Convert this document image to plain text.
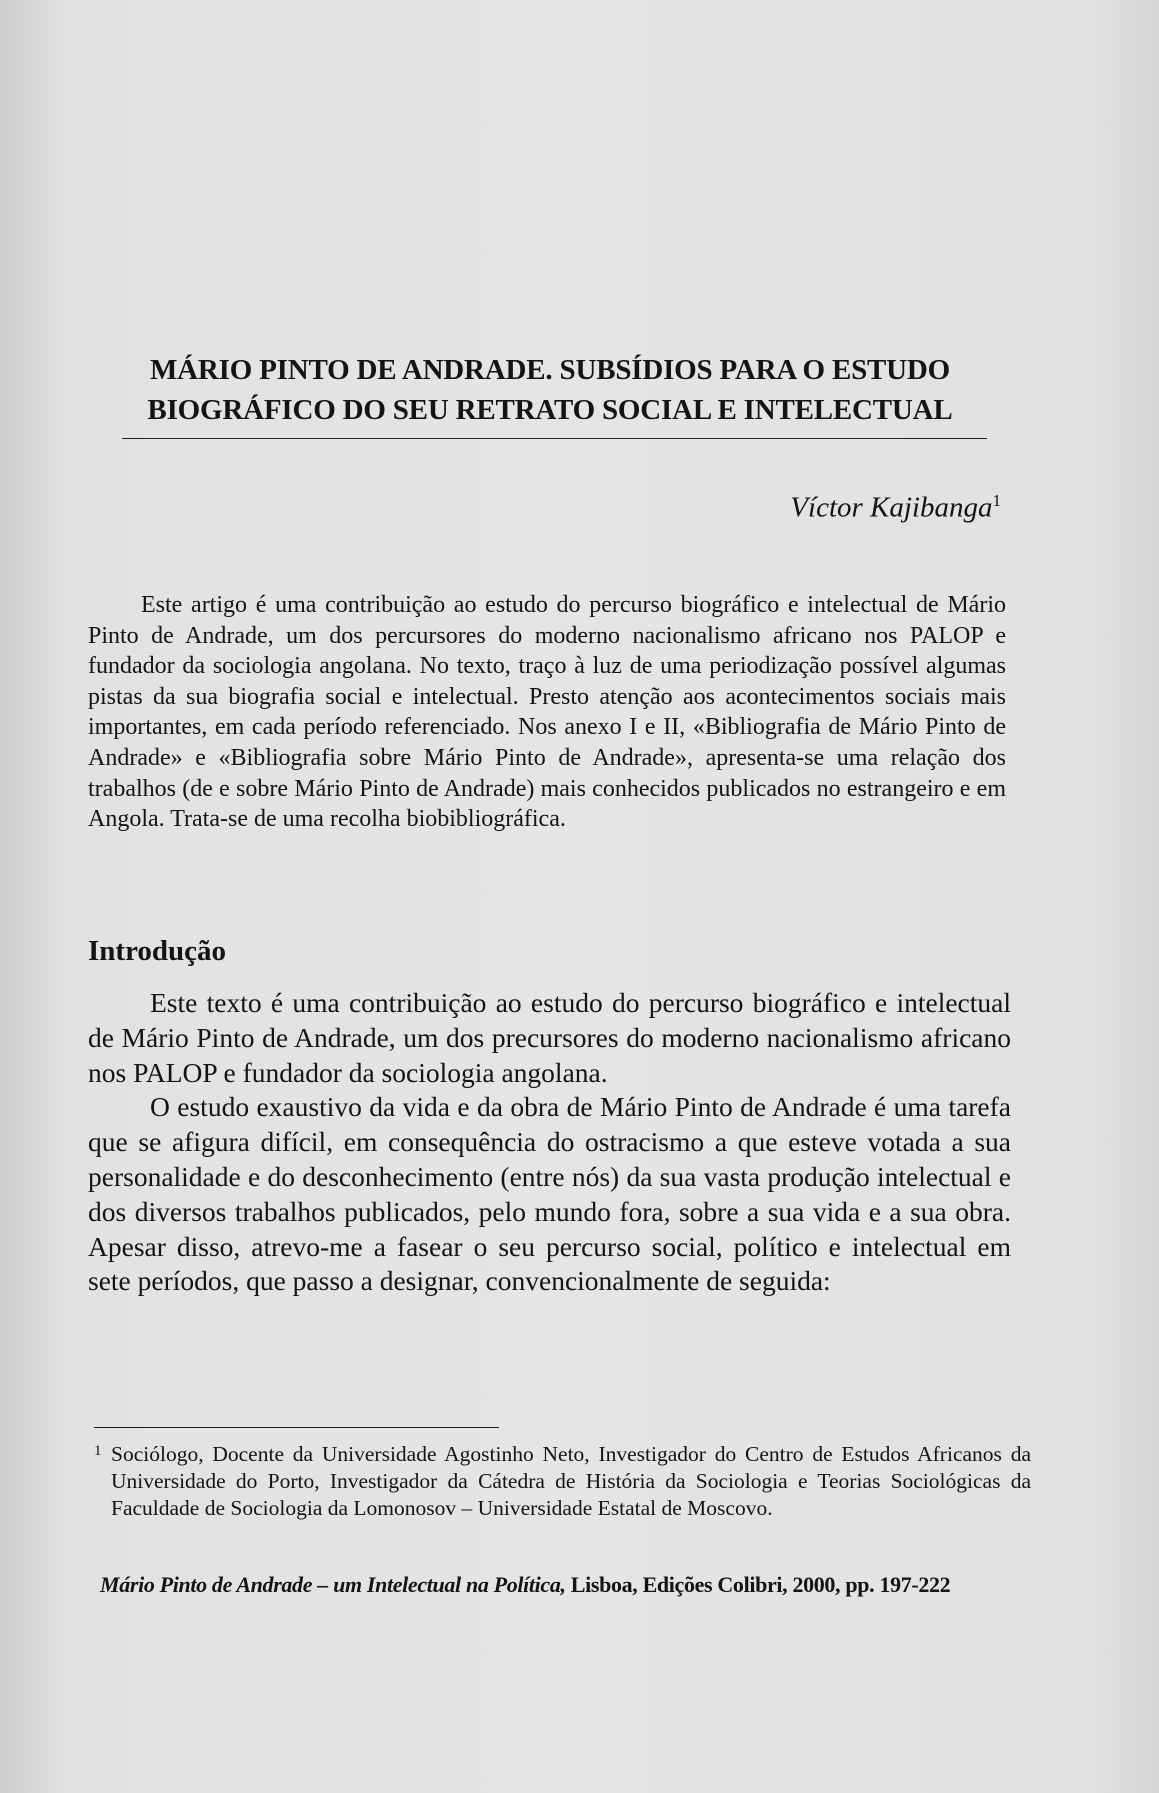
MÁRIO PINTO DE ANDRADE. SUBSÍDIOS PARA O ESTUDO
BIOGRÁFICO DO SEU RETRATO SOCIAL E INTELECTUAL

Víctor Kajibanga$^1$

Este artigo é uma contribuição ao estudo do percurso biográfico e intelectual de Mário Pinto de Andrade, um dos percursores do moderno nacionalismo africano nos PALOP e fundador da sociologia angolana. No texto, traço à luz de uma periodização possível algumas pistas da sua biografia social e intelectual. Presto atenção aos acontecimentos sociais mais importantes, em cada período referenciado. Nos anexo I e II, «Bibliografia de Mário Pinto de Andrade» e «Bibliografia sobre Mário Pinto de Andrade», apresenta-se uma relação dos trabalhos (de e sobre Mário Pinto de Andrade) mais conhecidos publicados no estrangeiro e em Angola. Trata-se de uma recolha biobibliográfica.

Introdução

Este texto é uma contribuição ao estudo do percurso biográfico e intelectual de Mário Pinto de Andrade, um dos precursores do moderno nacionalismo africano nos PALOP e fundador da sociologia angolana.

O estudo exaustivo da vida e da obra de Mário Pinto de Andrade é uma tarefa que se afigura difícil, em consequência do ostracismo a que esteve votada a sua personalidade e do desconhecimento (entre nós) da sua vasta produção intelectual e dos diversos trabalhos publicados, pelo mundo fora, sobre a sua vida e a sua obra. Apesar disso, atrevo-me a fasear o seu percurso social, político e intelectual em sete períodos, que passo a designar, convencionalmente de seguida:

1 Sociólogo, Docente da Universidade Agostinho Neto, Investigador do Centro de Estudos Africanos da Universidade do Porto, Investigador da Cátedra de História da Sociologia e Teorias Sociológicas da Faculdade de Sociologia da Lomonosov – Universidade Estatal de Moscovo.

Mário Pinto de Andrade – um Intelectual na Política, Lisboa, Edições Colibri, 2000, pp. 197-222
